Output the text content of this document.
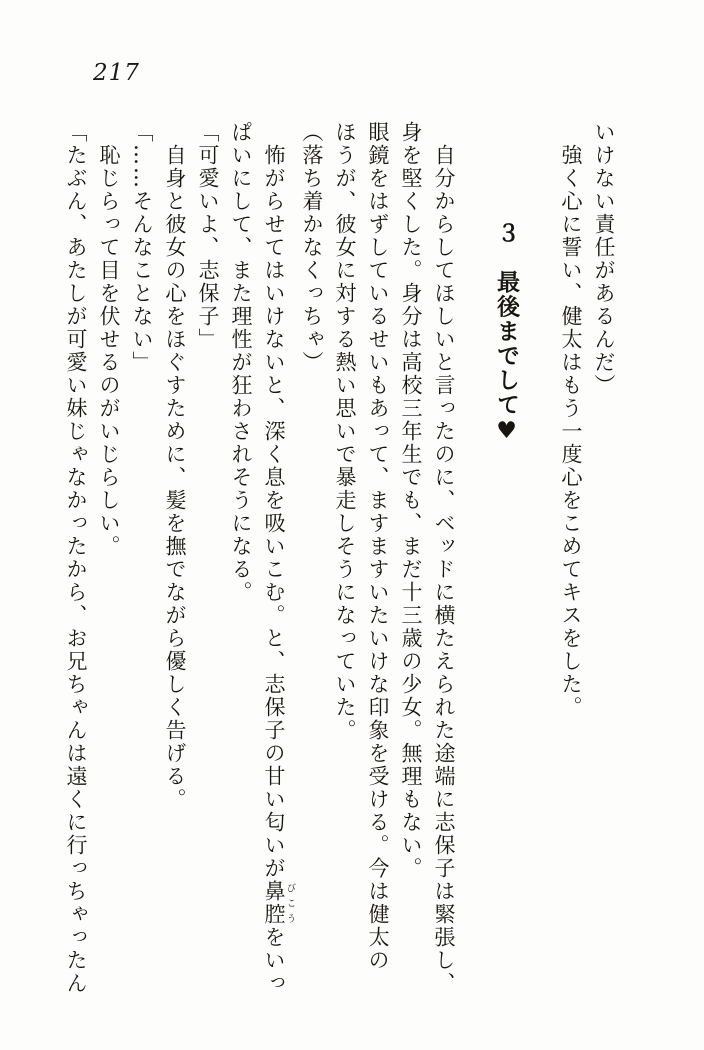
217
いけない責任があるんだ）
強く心に誓い、健太はもう一度心をこめてキスをした。
３　最後までして♥
自分からしてほしいと言ったのに、ベッドに横たえられた途端に志保子は緊張し、
身を堅くした。身分は高校三年生でも、まだ十三歳の少女。無理もない。
眼鏡をはずしているせいもあって、ますますいたいけな印象を受ける。今は健太の
ほうが、彼女に対する熱い思いで暴走しそうになっていた。
（落ち着かなくっちゃ）
怖がらせてはいけないと、深く息を吸いこむ。と、志保子の甘い匂いが鼻腔びこうをいっ
ぱいにして、また理性が狂わされそうになる。
「可愛いよ、志保子」
自身と彼女の心をほぐすために、髪を撫でながら優しく告げる。
「……そんなことない」
恥じらって目を伏せるのがいじらしい。
「たぶん、あたしが可愛い妹じゃなかったから、お兄ちゃんは遠くに行っちゃったん
